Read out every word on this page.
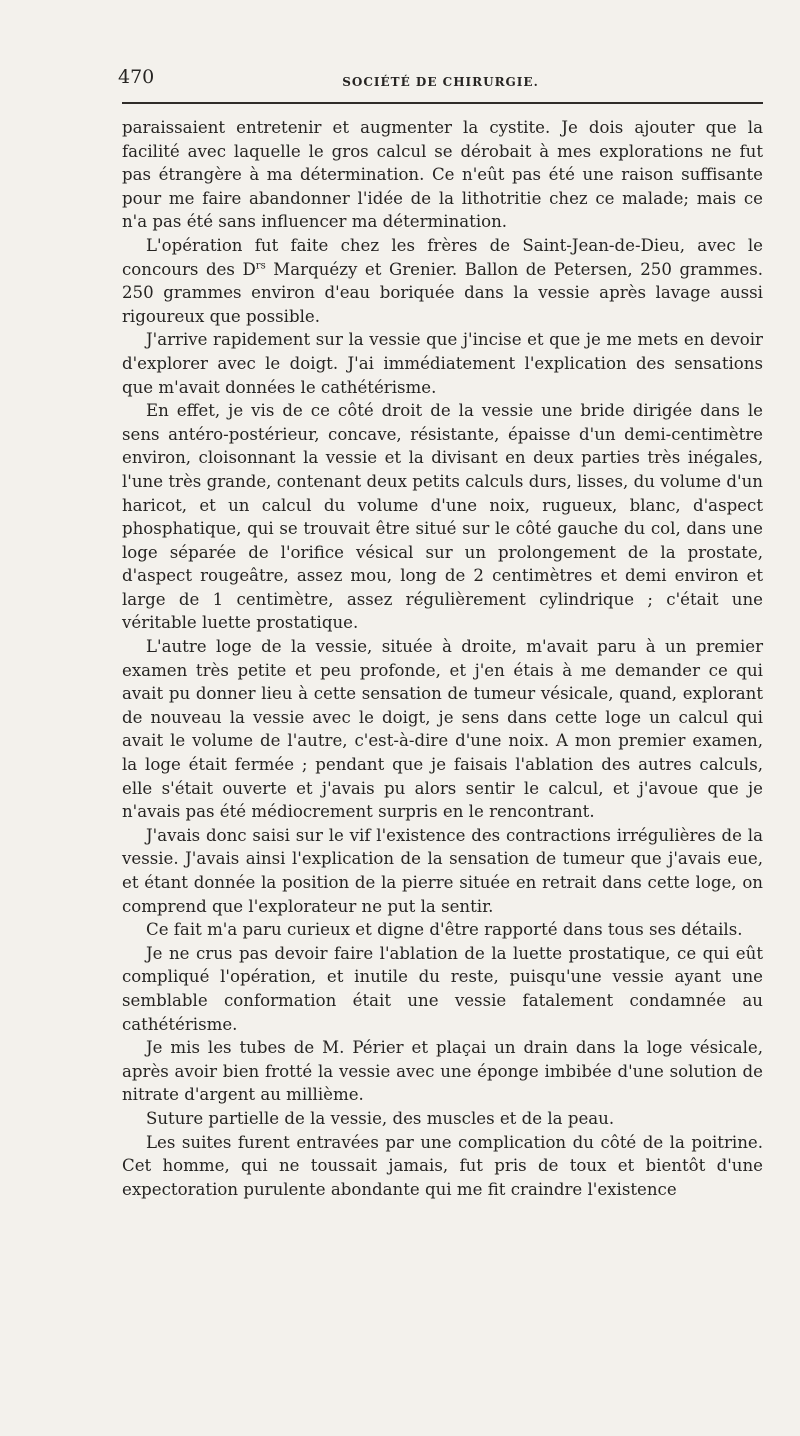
470	SOCIÉTÉ DE CHIRURGIE.

paraissaient entretenir et augmenter la cystite. Je dois ajouter que la facilité avec laquelle le gros calcul se dérobait à mes explorations ne fut pas étrangère à ma détermination. Ce n'eût pas été une raison suffisante pour me faire abandonner l'idée de la lithotritie chez ce malade; mais ce n'a pas été sans influencer ma détermination.

L'opération fut faite chez les frères de Saint-Jean-de-Dieu, avec le concours des $D^{rs}$ Marquézy et Grenier. Ballon de Petersen, 250 grammes. 250 grammes environ d'eau boriquée dans la vessie après lavage aussi rigoureux que possible.

J'arrive rapidement sur la vessie que j'incise et que je me mets en devoir d'explorer avec le doigt. J'ai immédiatement l'explication des sensations que m'avait données le cathétérisme.

En effet, je vis de ce côté droit de la vessie une bride dirigée dans le sens antéro-postérieur, concave, résistante, épaisse d'un demi-centimètre environ, cloisonnant la vessie et la divisant en deux parties très inégales, l'une très grande, contenant deux petits calculs durs, lisses, du volume d'un haricot, et un calcul du volume d'une noix, rugueux, blanc, d'aspect phosphatique, qui se trouvait être situé sur le côté gauche du col, dans une loge séparée de l'orifice vésical sur un prolongement de la prostate, d'aspect rougeâtre, assez mou, long de 2 centimètres et demi environ et large de 1 centimètre, assez régulièrement cylindrique ; c'était une véritable luette prostatique.

L'autre loge de la vessie, située à droite, m'avait paru à un premier examen très petite et peu profonde, et j'en étais à me demander ce qui avait pu donner lieu à cette sensation de tumeur vésicale, quand, explorant de nouveau la vessie avec le doigt, je sens dans cette loge un calcul qui avait le volume de l'autre, c'est-à-dire d'une noix. A mon premier examen, la loge était fermée ; pendant que je faisais l'ablation des autres calculs, elle s'était ouverte et j'avais pu alors sentir le calcul, et j'avoue que je n'avais pas été médiocrement surpris en le rencontrant.

J'avais donc saisi sur le vif l'existence des contractions irrégulières de la vessie. J'avais ainsi l'explication de la sensation de tumeur que j'avais eue, et étant donnée la position de la pierre située en retrait dans cette loge, on comprend que l'explorateur ne put la sentir.

Ce fait m'a paru curieux et digne d'être rapporté dans tous ses détails.

Je ne crus pas devoir faire l'ablation de la luette prostatique, ce qui eût compliqué l'opération, et inutile du reste, puisqu'une vessie ayant une semblable conformation était une vessie fatalement condamnée au cathétérisme.

Je mis les tubes de M. Périer et plaçai un drain dans la loge vésicale, après avoir bien frotté la vessie avec une éponge imbibée d'une solution de nitrate d'argent au millième.

Suture partielle de la vessie, des muscles et de la peau.

Les suites furent entravées par une complication du côté de la poitrine. Cet homme, qui ne toussait jamais, fut pris de toux et bientôt d'une expectoration purulente abondante qui me fit craindre l'existence
